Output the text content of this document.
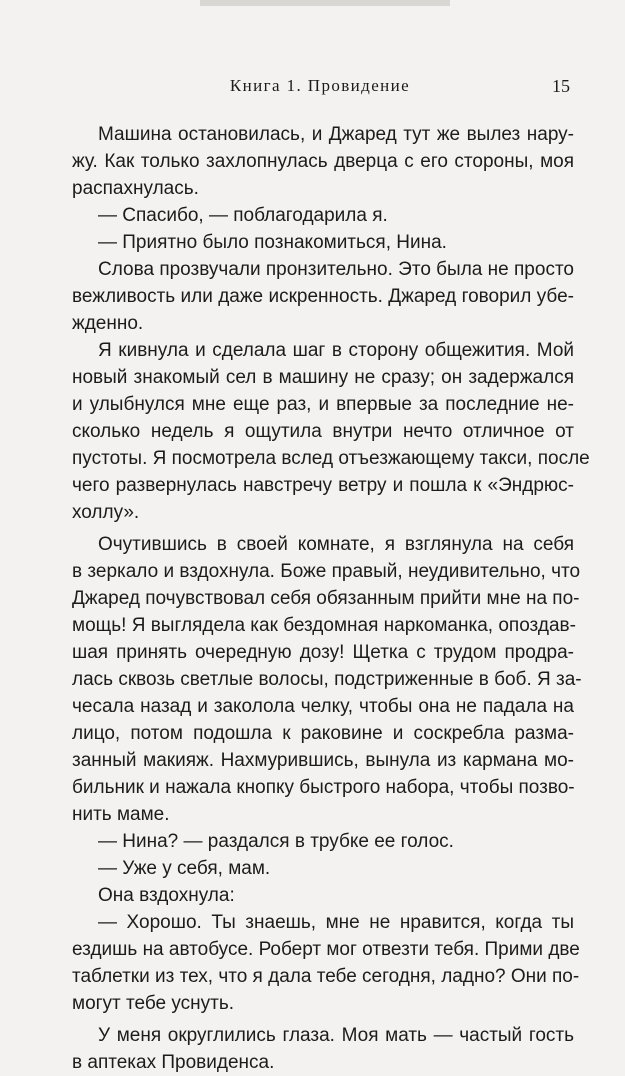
Книга 1. Провидение	15
Машина остановилась, и Джаред тут же вылез нару-
жу. Как только захлопнулась дверца с его стороны, моя
распахнулась.
— Спасибо, — поблагодарила я.
— Приятно было познакомиться, Нина.
Слова прозвучали пронзительно. Это была не просто
вежливость или даже искренность. Джаред говорил убе-
жденно.
Я кивнула и сделала шаг в сторону общежития. Мой
новый знакомый сел в машину не сразу; он задержался
и улыбнулся мне еще раз, и впервые за последние не-
сколько недель я ощутила внутри нечто отличное от
пустоты. Я посмотрела вслед отъезжающему такси, после
чего развернулась навстречу ветру и пошла к «Эндрюс-
холлу».
Очутившись в своей комнате, я взглянула на себя
в зеркало и вздохнула. Боже правый, неудивительно, что
Джаред почувствовал себя обязанным прийти мне на по-
мощь! Я выглядела как бездомная наркоманка, опоздав-
шая принять очередную дозу! Щетка с трудом продра-
лась сквозь светлые волосы, подстриженные в боб. Я за-
чесала назад и заколола челку, чтобы она не падала на
лицо, потом подошла к раковине и соскребла размa-
занный макияж. Нахмурившись, вынула из кармана мо-
бильник и нажала кнопку быстрого набора, чтобы позво-
нить маме.
— Нина? — раздался в трубке ее голос.
— Уже у себя, мам.
Она вздохнула:
— Хорошо. Ты знаешь, мне не нравится, когда ты
ездишь на автобусе. Роберт мог отвезти тебя. Прими две
таблетки из тех, что я дала тебе сегодня, ладно? Они по-
могут тебе уснуть.
У меня округлились глаза. Моя мать — частый гость
в аптеках Провиденса.
